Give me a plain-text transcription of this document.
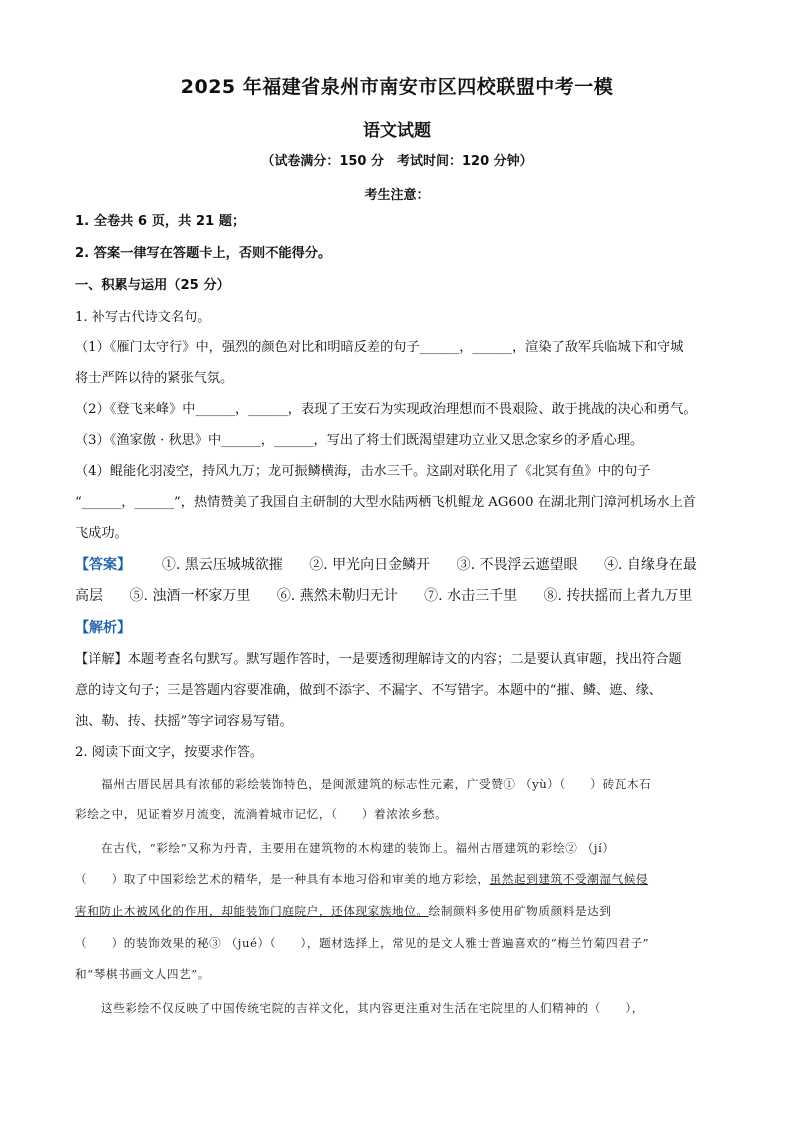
2025 年福建省泉州市南安市区四校联盟中考一模
语文试题
（试卷满分：150 分　考试时间：120 分钟）
考生注意：
1. 全卷共 6 页，共 21 题；
2. 答案一律写在答题卡上，否则不能得分。
一、积累与运用（25 分）
1. 补写古代诗文名句。
（1）《雁门太守行》中，强烈的颜色对比和明暗反差的句子______，______，渲染了敌军兵临城下和守城
将士严阵以待的紧张气氛。
（2）《登飞来峰》中______，______，表现了王安石为实现政治理想而不畏艰险、敢于挑战的决心和勇气。
（3）《渔家傲 · 秋思》中______，______，写出了将士们既渴望建功立业又思念家乡的矛盾心理。
（4）鲲能化羽凌空，持风九万；龙可振鳞横海，击水三千。这副对联化用了《北冥有鱼》中的句子
“______，______”，热情赞美了我国自主研制的大型水陆两栖飞机鲲龙 AG600 在湖北荆门漳河机场水上首
飞成功。
【答案】 ①. 黑云压城城欲摧 ②. 甲光向日金鳞开 ③. 不畏浮云遮望眼 ④. 自缘身在最
高层 ⑤. 浊酒一杯家万里 ⑥. 燕然未勒归无计 ⑦. 水击三千里 ⑧. 抟扶摇而上者九万里
【解析】
【详解】本题考查名句默写。默写题作答时，一是要透彻理解诗文的内容；二是要认真审题，找出符合题
意的诗文句子；三是答题内容要准确，做到不添字、不漏字、不写错字。本题中的“摧、鳞、遮、缘、
浊、勒、抟、扶摇”等字词容易写错。
2. 阅读下面文字，按要求作答。
福州古厝民居具有浓郁的彩绘装饰特色，是闽派建筑的标志性元素，广受赞① （yù）（　　）砖瓦木石
彩绘之中，见证着岁月流变，流淌着城市记忆，（　　）着浓浓乡愁。
在古代，“彩绘”又称为丹青，主要用在建筑物的木构建的装饰上。福州古厝建筑的彩绘② （jí）
（　　）取了中国彩绘艺术的精华，是一种具有本地习俗和审美的地方彩绘，虽然起到建筑不受潮湿气候侵
害和防止木被风化的作用，却能装饰门庭院户，还体现家族地位。绘制颜料多使用矿物质颜料是达到
（　　）的装饰效果的秘③ （jué）（　　），题材选择上，常见的是文人雅士普遍喜欢的“梅兰竹菊四君子”
和“琴棋书画文人四艺”。
这些彩绘不仅反映了中国传统宅院的吉祥文化，其内容更注重对生活在宅院里的人们精神的（　　），
